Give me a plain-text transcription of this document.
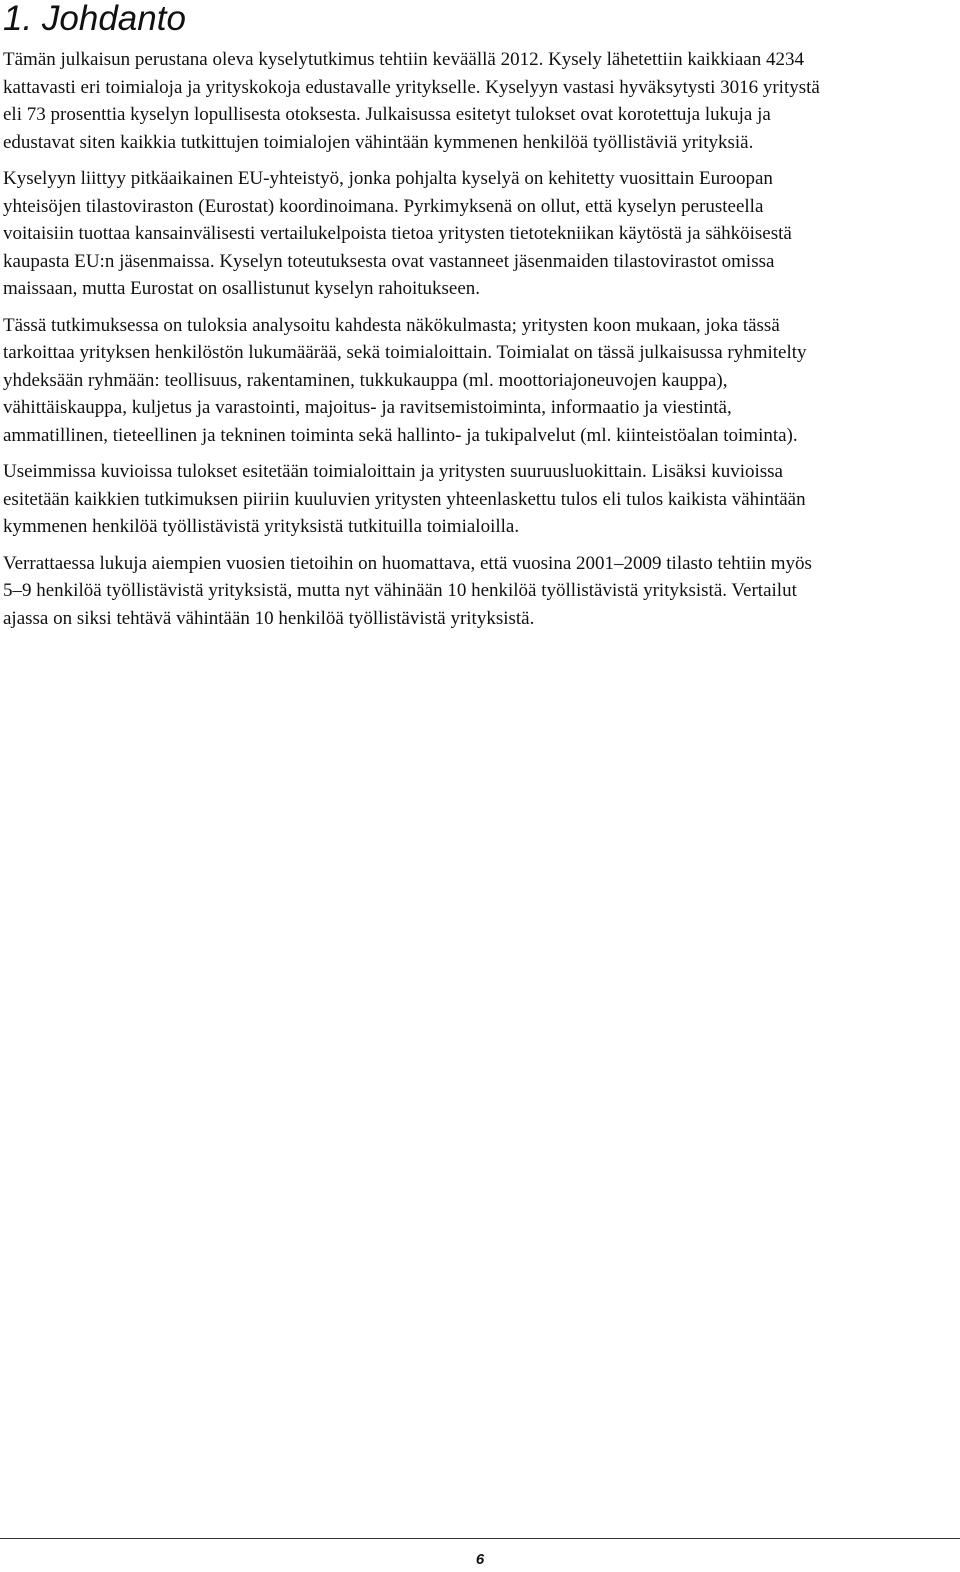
1. Johdanto

Tämän julkaisun perustana oleva kyselytutkimus tehtiin keväällä 2012. Kysely lähetettiin kaikkiaan 4234
kattavasti eri toimialoja ja yrityskokoja edustavalle yritykselle. Kyselyyn vastasi hyväksytysti 3016 yritystä
eli 73 prosenttia kyselyn lopullisesta otoksesta. Julkaisussa esitetyt tulokset ovat korotettuja lukuja ja
edustavat siten kaikkia tutkittujen toimialojen vähintään kymmenen henkilöä työllistäviä yrityksiä.

Kyselyyn liittyy pitkäaikainen EU-yhteistyö, jonka pohjalta kyselyä on kehitetty vuosittain Euroopan
yhteisöjen tilastoviraston (Eurostat) koordinoimana. Pyrkimyksenä on ollut, että kyselyn perusteella
voitaisiin tuottaa kansainvälisesti vertailukelpoista tietoa yritysten tietotekniikan käytöstä ja sähköisestä
kaupasta EU:n jäsenmaissa. Kyselyn toteutuksesta ovat vastanneet jäsenmaiden tilastovirastot omissa
maissaan, mutta Eurostat on osallistunut kyselyn rahoitukseen.

Tässä tutkimuksessa on tuloksia analysoitu kahdesta näkökulmasta; yritysten koon mukaan, joka tässä
tarkoittaa yrityksen henkilöstön lukumäärää, sekä toimialoittain. Toimialat on tässä julkaisussa ryhmitelty
yhdeksään ryhmään: teollisuus, rakentaminen, tukkukauppa (ml. moottoriajoneuvojen kauppa),
vähittäiskauppa, kuljetus ja varastointi, majoitus- ja ravitsemistoiminta, informaatio ja viestintä,
ammatillinen, tieteellinen ja tekninen toiminta sekä hallinto- ja tukipalvelut (ml. kiinteistöalan toiminta).

Useimmissa kuvioissa tulokset esitetään toimialoittain ja yritysten suuruusluokittain. Lisäksi kuvioissa
esitetään kaikkien tutkimuksen piiriin kuuluvien yritysten yhteenlaskettu tulos eli tulos kaikista vähintään
kymmenen henkilöä työllistävistä yrityksistä tutkituilla toimialoilla.

Verrattaessa lukuja aiempien vuosien tietoihin on huomattava, että vuosina 2001–2009 tilasto tehtiin myös
5–9 henkilöä työllistävistä yrityksistä, mutta nyt vähinään 10 henkilöä työllistävistä yrityksistä. Vertailut
ajassa on siksi tehtävä vähintään 10 henkilöä työllistävistä yrityksistä.

6
